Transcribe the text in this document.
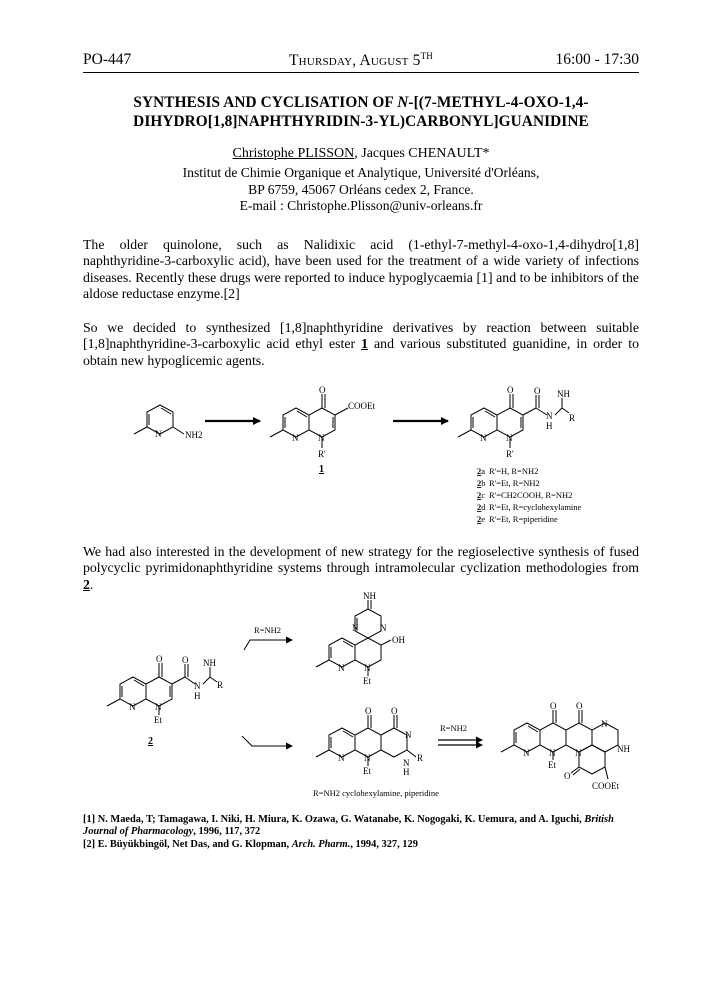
PO-447	Thursday, August 5TH	16:00 - 17:30
SYNTHESIS AND CYCLISATION OF N-[(7-METHYL-4-OXO-1,4-
DIHYDRO[1,8]NAPHTHYRIDIN-3-YL)CARBONYL]GUANIDINE
Christophe PLISSON, Jacques CHENAULT*
Institut de Chimie Organique et Analytique, Université d'Orléans,
BP 6759, 45067 Orléans cedex 2, France.
E-mail : Christophe.Plisson@univ-orleans.fr
The older quinolone, such as Nalidixic acid (1-ethyl-7-methyl-4-oxo-1,4-dihydro[1,8] naphthyridine-3-carboxylic acid), have been used for the treatment of a wide variety of infections diseases. Recently these drugs were reported to induce hypoglycaemia [1] and to be inhibitors of the aldose reductase enzyme.[2]
So we decided to synthesized [1,8]naphthyridine derivatives by reaction between suitable [1,8]naphthyridine-3-carboxylic acid ethyl ester 1 and various substituted guanidine, in order to obtain new hypoglicemic agents.
N	NH2
O
COOEt
N N
R'
1
O O
N
H
NH
R
N N
R'
2a R'=H, R=NH2
2b R'=Et, R=NH2
2c R'=CH2COOH, R=NH2
2d R'=Et, R=cyclohexylamine
2e R'=Et, R=piperidine
We had also interested in the development of new strategy for the regioselective synthesis of fused polycyclic pyrimidonaphthyridine systems through intramolecular cyclization methodologies from 2.
R=NH2
R=NH2
R=NH2 cyclohexylamine, piperidine
2
O O
N
H
NH
R
N N
Et
NH
N N
OH
N N
Et
O O
N
N
H
R
N N
Et
O O
N
NH
N N N
Et
O
COOEt
[1] N. Maeda, T; Tamagawa, I. Niki, H. Miura, K. Ozawa, G. Watanabe, K. Nogogaki, K. Uemura, and A. Iguchi, British Journal of Pharmacology, 1996, 117, 372
[2] E. Büyükbingöl, Net Das, and G. Klopman, Arch. Pharm., 1994, 327, 129
